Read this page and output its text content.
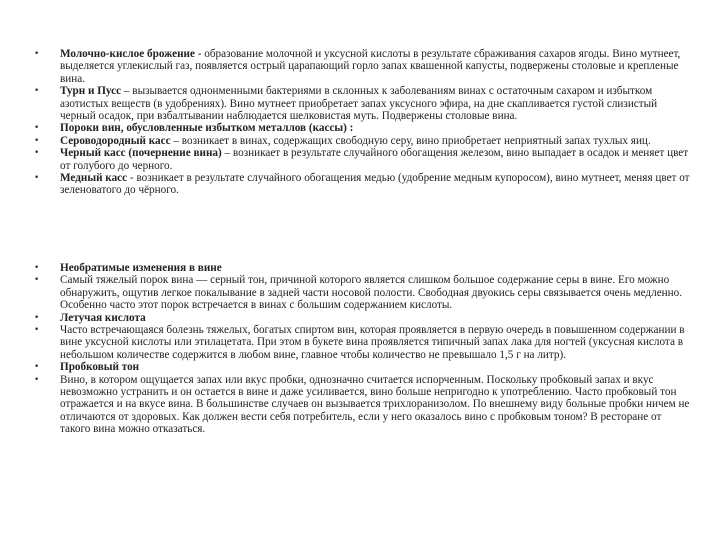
• Молочно-кислое брожение - образование молочной и уксусной кислоты в результате сбраживания сахаров ягоды. Вино мутнеет, выделяется углекислый газ, появляется острый царапающий горло запах квашенной капусты, подвержены столовые и крепленые вина.
• Турн и Пусс – вызывается однонменными бактериями в склонных к заболеваниям винах с остаточным сахаром и избытком азотистых веществ (в удобрениях). Вино мутнеет приобретает запах уксусного эфира, на дне скапливается густой слизистый черный осадок, при взбалтывании наблюдается шелковистая муть. Подвержены столовые вина.
• Пороки вин, обусловленные избытком металлов (кассы) :
• Сероводородный касс – возникает в винах, содержащих свободную серу, вино приобретает неприятный запах тухлых яиц.
• Черный касс (почернение вина) – возникает в результате случайного обогащения железом, вино выпадает в осадок и меняет цвет от голубого до черного.
• Медный касс - возникает в результате случайного обогащения медью (удобрение медным купоросом), вино мутнеет, меняя цвет от зеленоватого до чёрного.
• Необратимые изменения в вине
• Самый тяжелый порок вина — серный тон, причиной которого является слишком большое содержание серы в вине. Его можно обнаружить, ощутив легкое покалывание в задней части носовой полости. Свободная двуокись серы связывается очень медленно. Особенно часто этот порок встречается в винах с большим содержанием кислоты.
• Летучая кислота
• Часто встречающаяся болезнь тяжелых, богатых спиртом вин, которая проявляется в первую очередь в повышенном содержании в вине уксусной кислоты или этилацетата. При этом в букете вина проявляется типичный запах лака для ногтей (уксусная кислота в небольшом количестве содержится в любом вине, главное чтобы количество не превышало 1,5 г на литр).
• Пробковый тон
• Вино, в котором ощущается запах или вкус пробки, однозначно считается испорченным. Поскольку пробковый запах и вкус невозможно устранить и он остается в вине и даже усиливается, вино больше непригодно к употреблению. Часто пробковый тон отражается и на вкусе вина. В большинстве случаев он вызывается трихлоранизолом. По внешнему виду больные пробки ничем не отличаются от здоровых. Как должен вести себя потребитель, если у него оказалось вино с пробковым тоном? В ресторане от такого вина можно отказаться.
